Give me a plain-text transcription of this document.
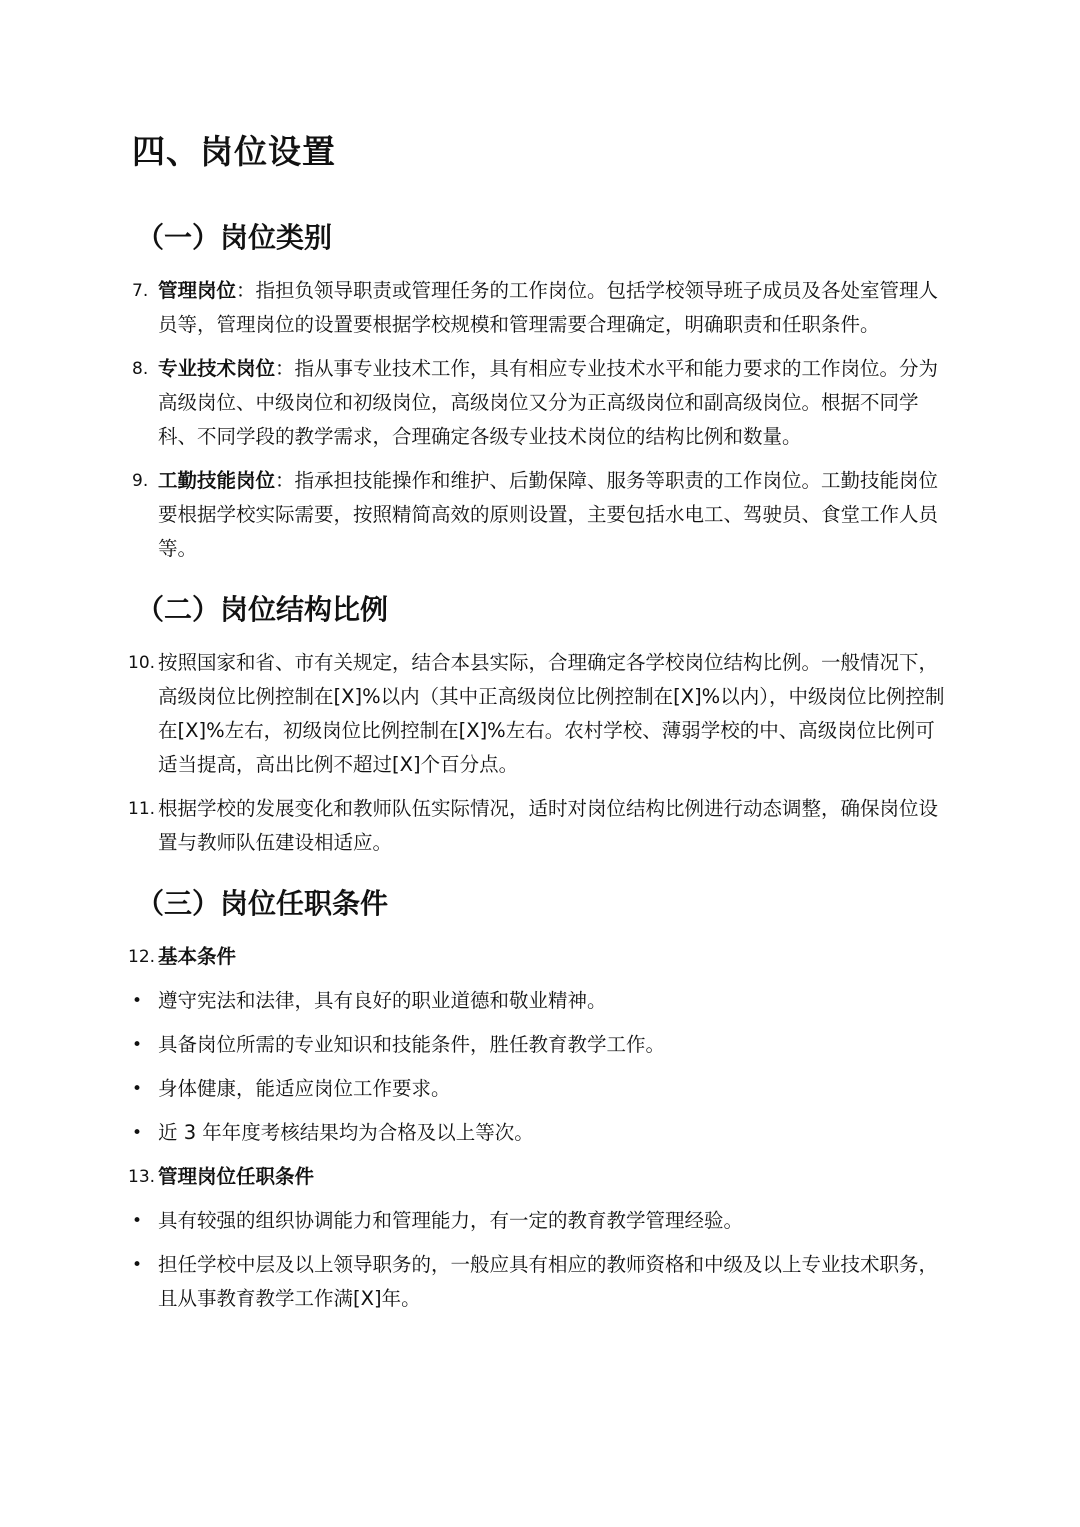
四、岗位设置
（一）岗位类别
7. 管理岗位：指担负领导职责或管理任务的工作岗位。包括学校领导班子成员及各处室管理人员等，管理岗位的设置要根据学校规模和管理需要合理确定，明确职责和任职条件。
8. 专业技术岗位：指从事专业技术工作，具有相应专业技术水平和能力要求的工作岗位。分为高级岗位、中级岗位和初级岗位，高级岗位又分为正高级岗位和副高级岗位。根据不同学科、不同学段的教学需求，合理确定各级专业技术岗位的结构比例和数量。
9. 工勤技能岗位：指承担技能操作和维护、后勤保障、服务等职责的工作岗位。工勤技能岗位要根据学校实际需要，按照精简高效的原则设置，主要包括水电工、驾驶员、食堂工作人员等。
（二）岗位结构比例
10. 按照国家和省、市有关规定，结合本县实际，合理确定各学校岗位结构比例。一般情况下，高级岗位比例控制在[X]%以内（其中正高级岗位比例控制在[X]%以内），中级岗位比例控制在[X]%左右，初级岗位比例控制在[X]%左右。农村学校、薄弱学校的中、高级岗位比例可适当提高，高出比例不超过[X]个百分点。
11. 根据学校的发展变化和教师队伍实际情况，适时对岗位结构比例进行动态调整，确保岗位设置与教师队伍建设相适应。
（三）岗位任职条件
12. 基本条件
• 遵守宪法和法律，具有良好的职业道德和敬业精神。
• 具备岗位所需的专业知识和技能条件，胜任教育教学工作。
• 身体健康，能适应岗位工作要求。
• 近 3 年年度考核结果均为合格及以上等次。
13. 管理岗位任职条件
• 具有较强的组织协调能力和管理能力，有一定的教育教学管理经验。
• 担任学校中层及以上领导职务的，一般应具有相应的教师资格和中级及以上专业技术职务，且从事教育教学工作满[X]年。
